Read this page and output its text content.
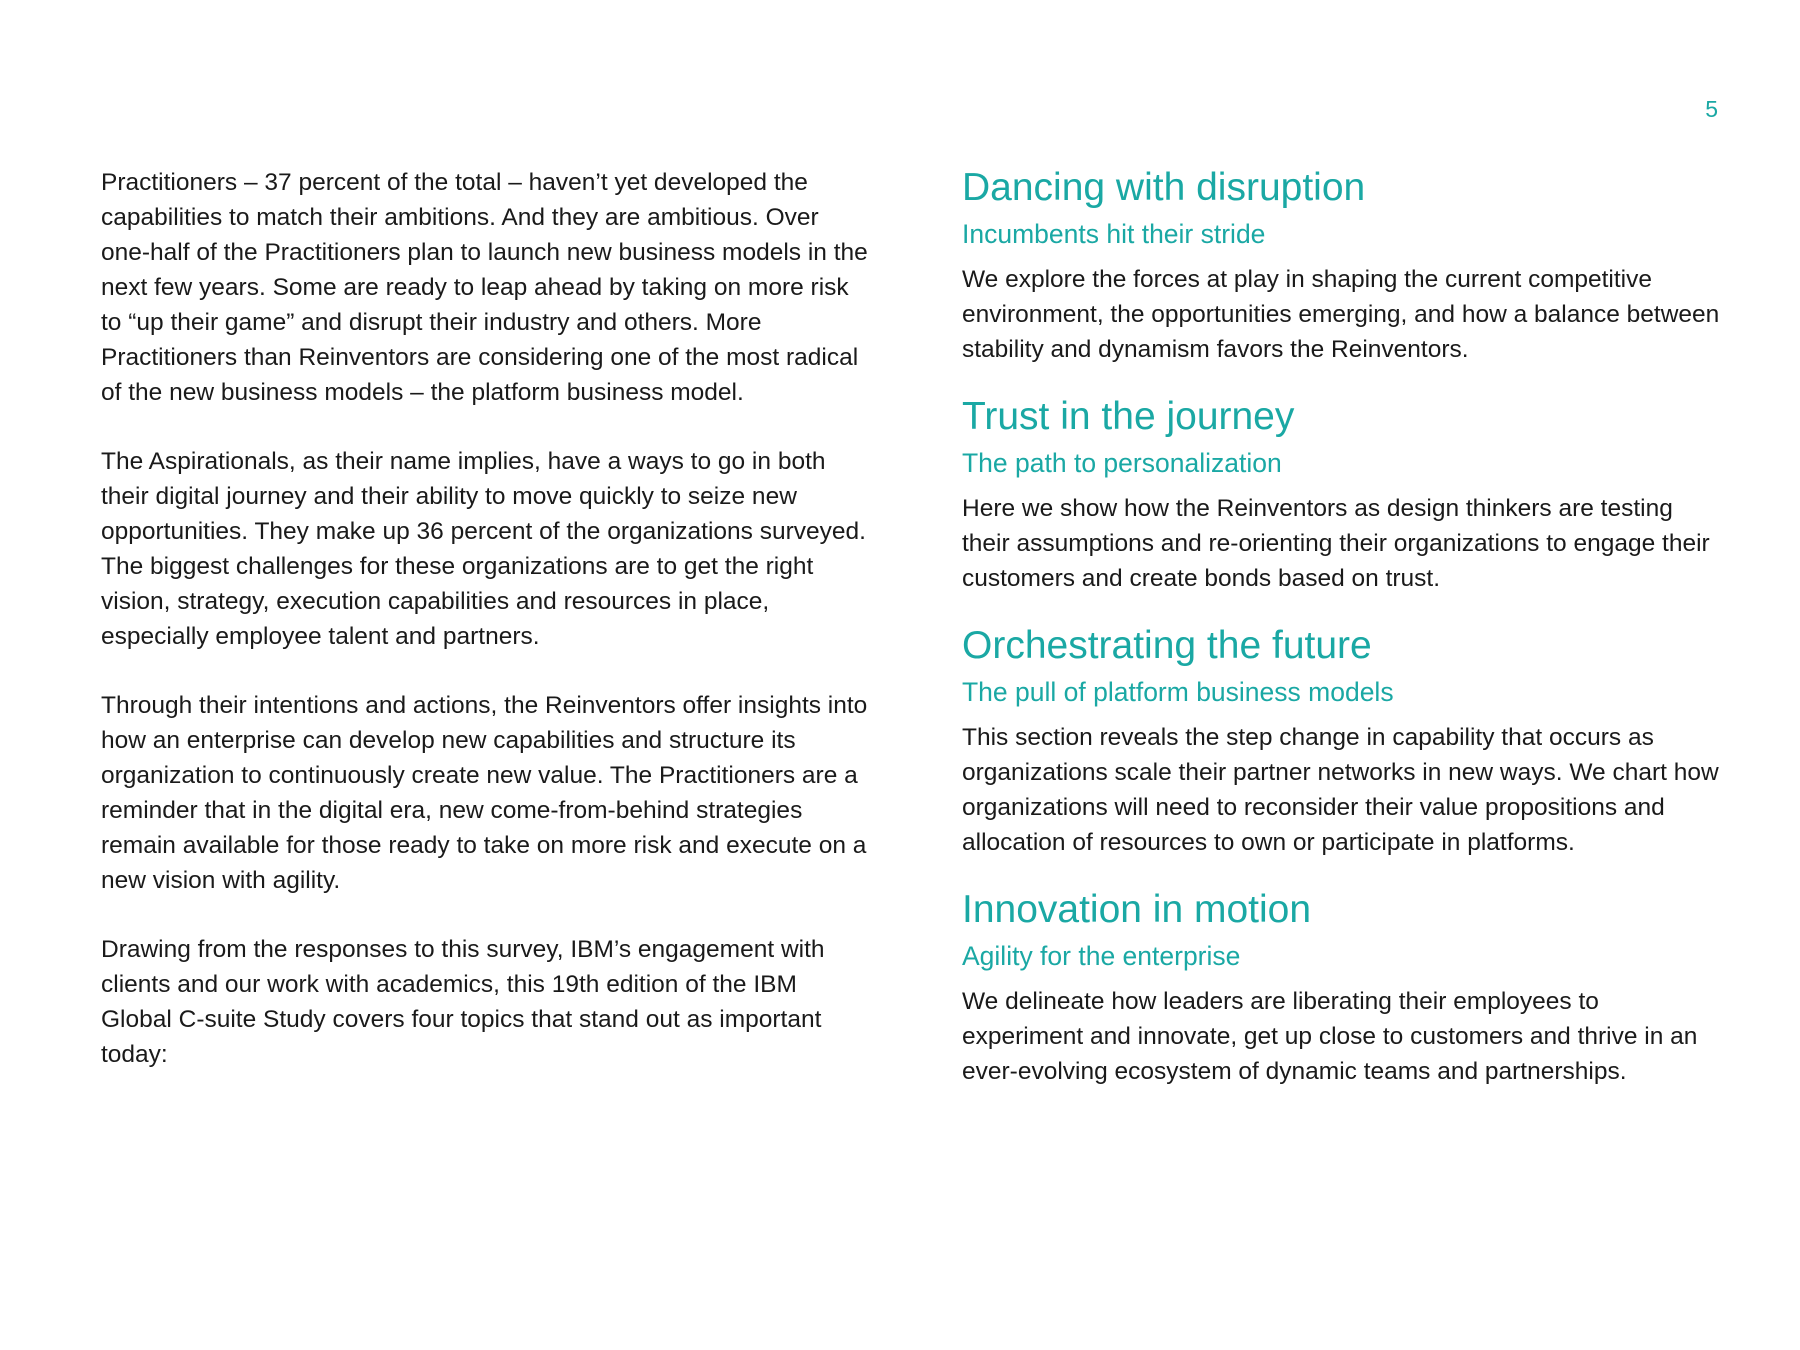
5

Practitioners – 37 percent of the total – haven’t yet developed the capabilities to match their ambitions. And they are ambitious. Over one-half of the Practitioners plan to launch new business models in the next few years. Some are ready to leap ahead by taking on more risk to “up their game” and disrupt their industry and others. More Practitioners than Reinventors are considering one of the most radical of the new business models – the platform business model.

The Aspirationals, as their name implies, have a ways to go in both their digital journey and their ability to move quickly to seize new opportunities. They make up 36 percent of the organizations surveyed. The biggest challenges for these organizations are to get the right vision, strategy, execution capabilities and resources in place, especially employee talent and partners.

Through their intentions and actions, the Reinventors offer insights into how an enterprise can develop new capabilities and structure its organization to continuously create new value. The Practitioners are a reminder that in the digital era, new come-from-behind strategies remain available for those ready to take on more risk and execute on a new vision with agility.

Drawing from the responses to this survey, IBM’s engagement with clients and our work with academics, this 19th edition of the IBM Global C-suite Study covers four topics that stand out as important today:

Dancing with disruption
Incumbents hit their stride

We explore the forces at play in shaping the current competitive environment, the opportunities emerging, and how a balance between stability and dynamism favors the Reinventors.

Trust in the journey
The path to personalization

Here we show how the Reinventors as design thinkers are testing their assumptions and re-orienting their organizations to engage their customers and create bonds based on trust.

Orchestrating the future
The pull of platform business models

This section reveals the step change in capability that occurs as organizations scale their partner networks in new ways. We chart how organizations will need to reconsider their value propositions and allocation of resources to own or participate in platforms.

Innovation in motion
Agility for the enterprise

We delineate how leaders are liberating their employees to experiment and innovate, get up close to customers and thrive in an ever-evolving ecosystem of dynamic teams and partnerships.
